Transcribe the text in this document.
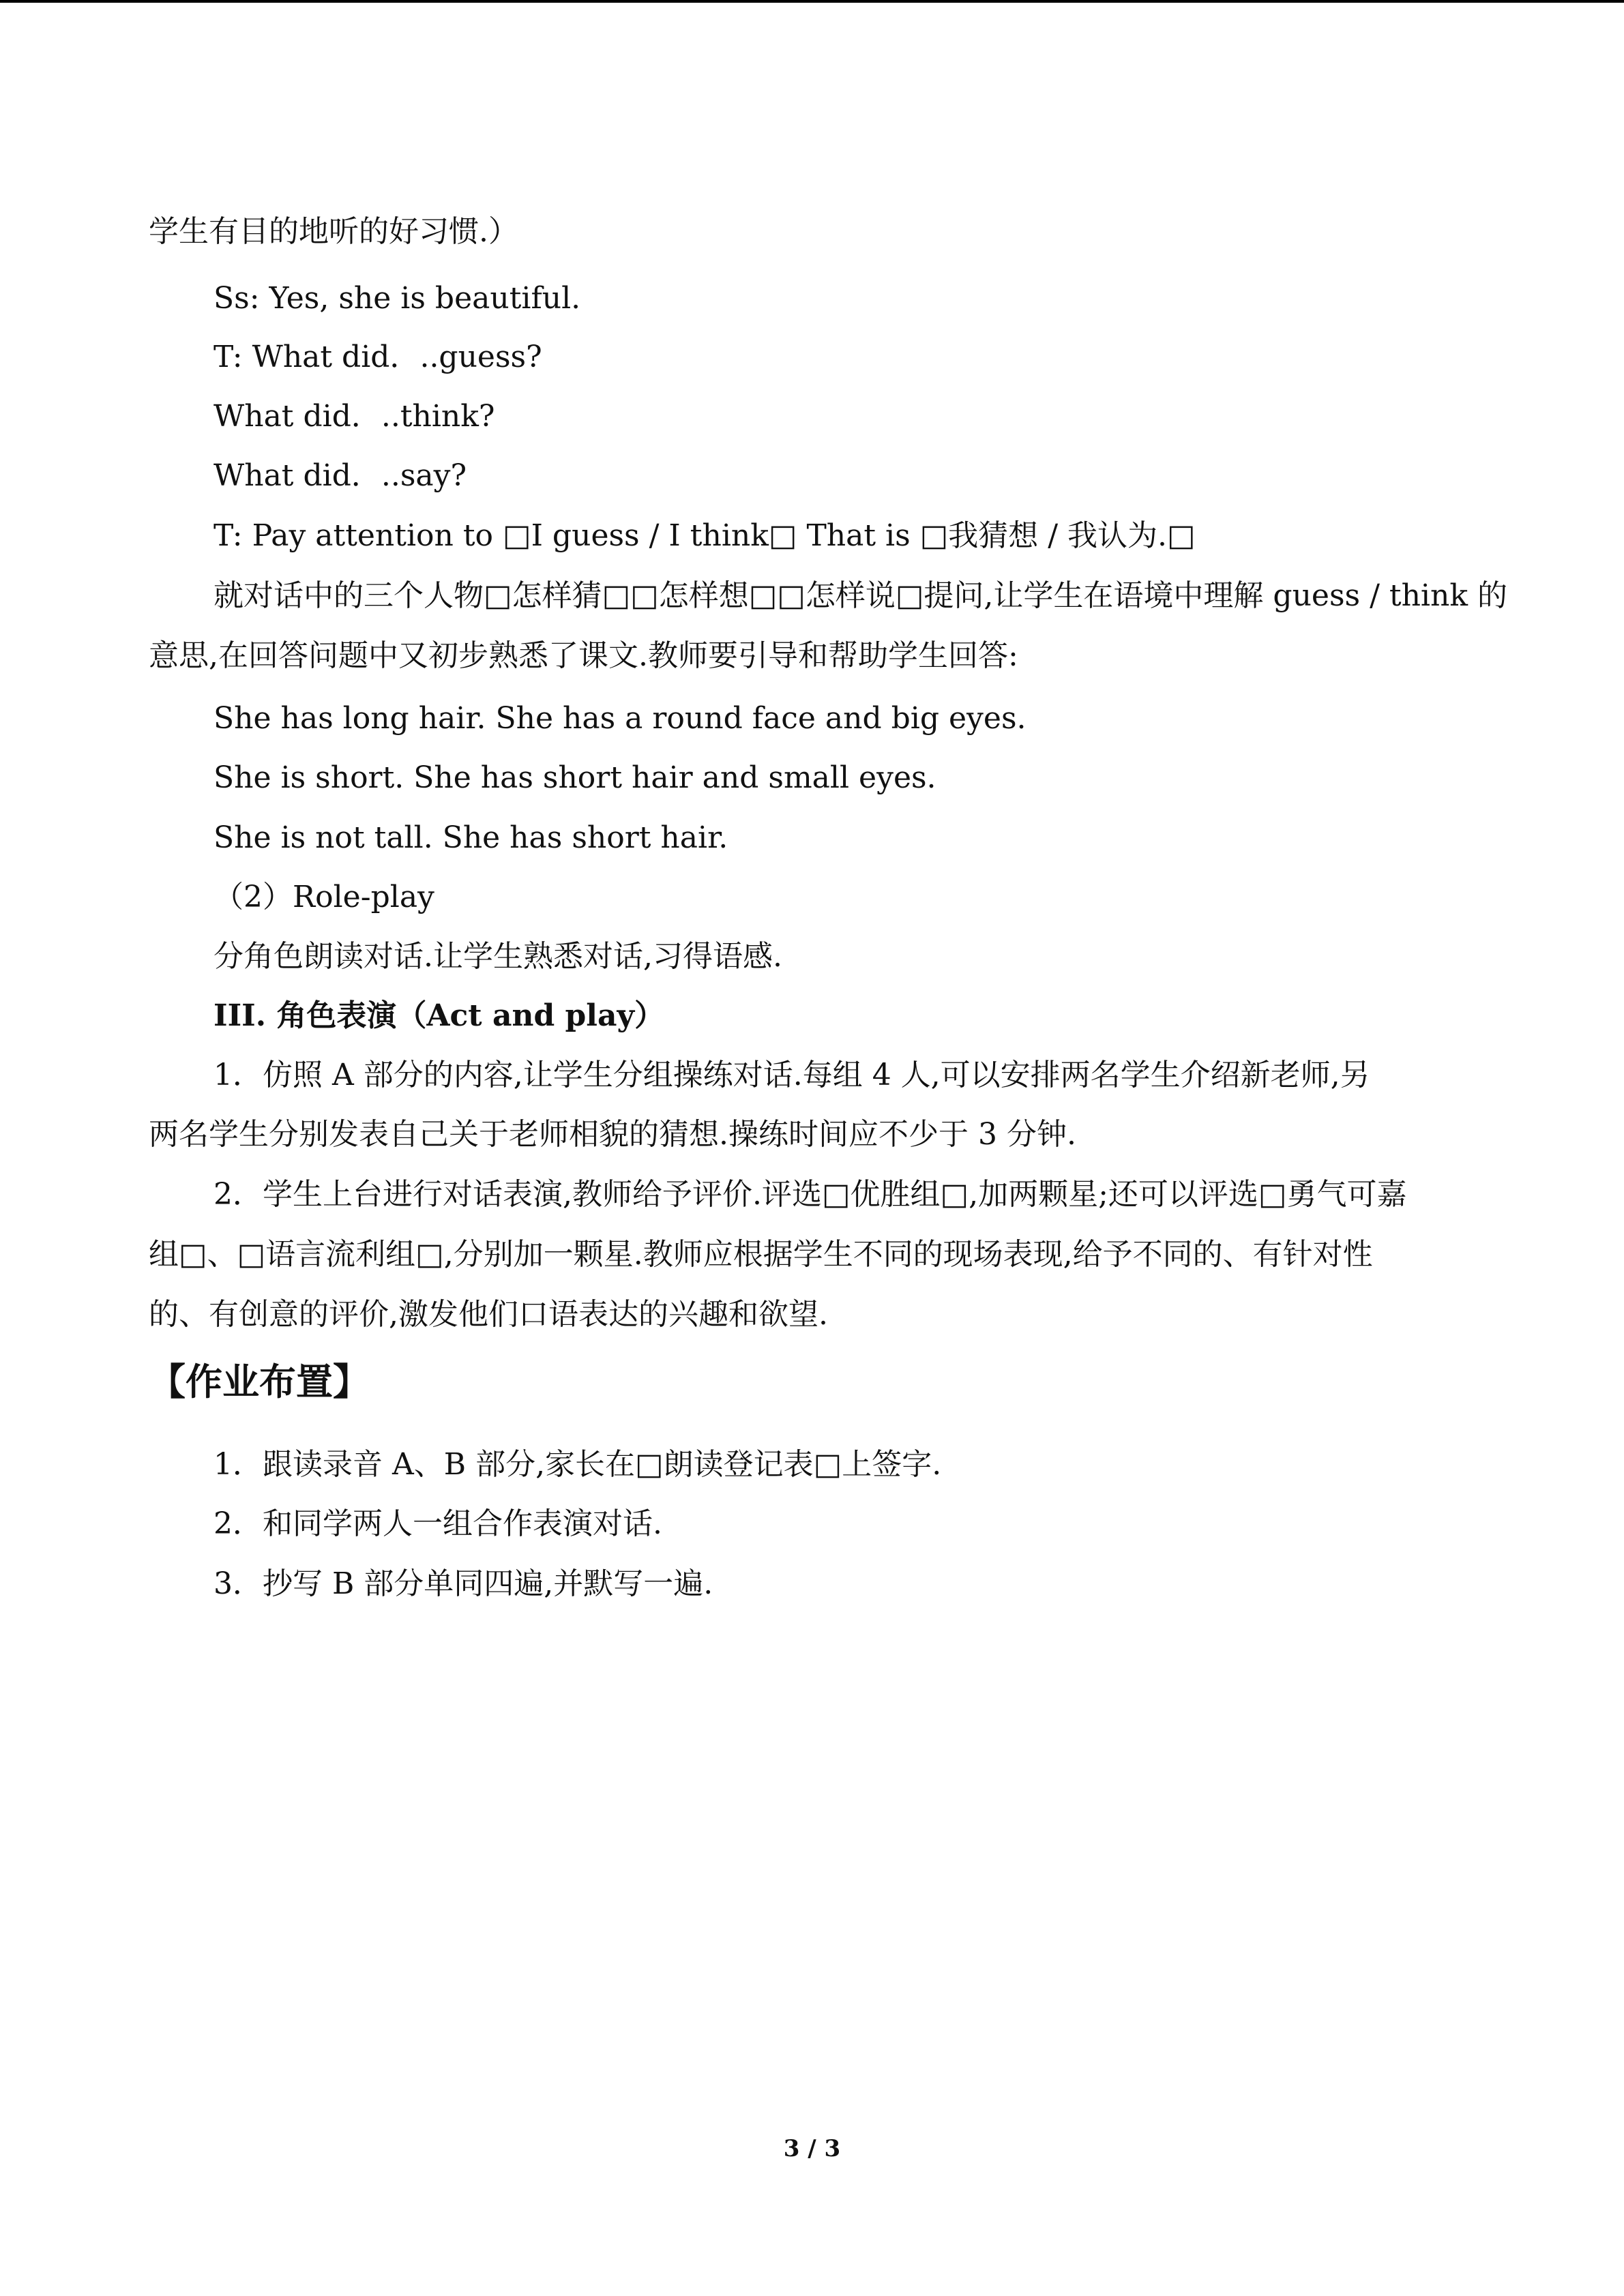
学生有目的地听的好习惯.）
Ss: Yes, she is beautiful.
T: What did．..guess?
What did．..think?
What did．..say?
T: Pay attention to □I guess / I think□ That is □我猜想 / 我认为.□
就对话中的三个人物□怎样猜□□怎样想□□怎样说□提问,让学生在语境中理解 guess / think 的
意思,在回答问题中又初步熟悉了课文.教师要引导和帮助学生回答:
She has long hair. She has a round face and big eyes.
She is short. She has short hair and small eyes.
She is not tall. She has short hair.
（2）Role-play
分角色朗读对话.让学生熟悉对话,习得语感.
III. 角色表演（Act and play）
1．仿照 A 部分的内容,让学生分组操练对话.每组 4 人,可以安排两名学生介绍新老师,另
两名学生分别发表自己关于老师相貌的猜想.操练时间应不少于 3 分钟.
2．学生上台进行对话表演,教师给予评价.评选□优胜组□,加两颗星;还可以评选□勇气可嘉
组□、□语言流利组□,分别加一颗星.教师应根据学生不同的现场表现,给予不同的、有针对性
的、有创意的评价,激发他们口语表达的兴趣和欲望.
【作业布置】
1．跟读录音 A、B 部分,家长在□朗读登记表□上签字.
2．和同学两人一组合作表演对话.
3．抄写 B 部分单同四遍,并默写一遍.
3 / 3
